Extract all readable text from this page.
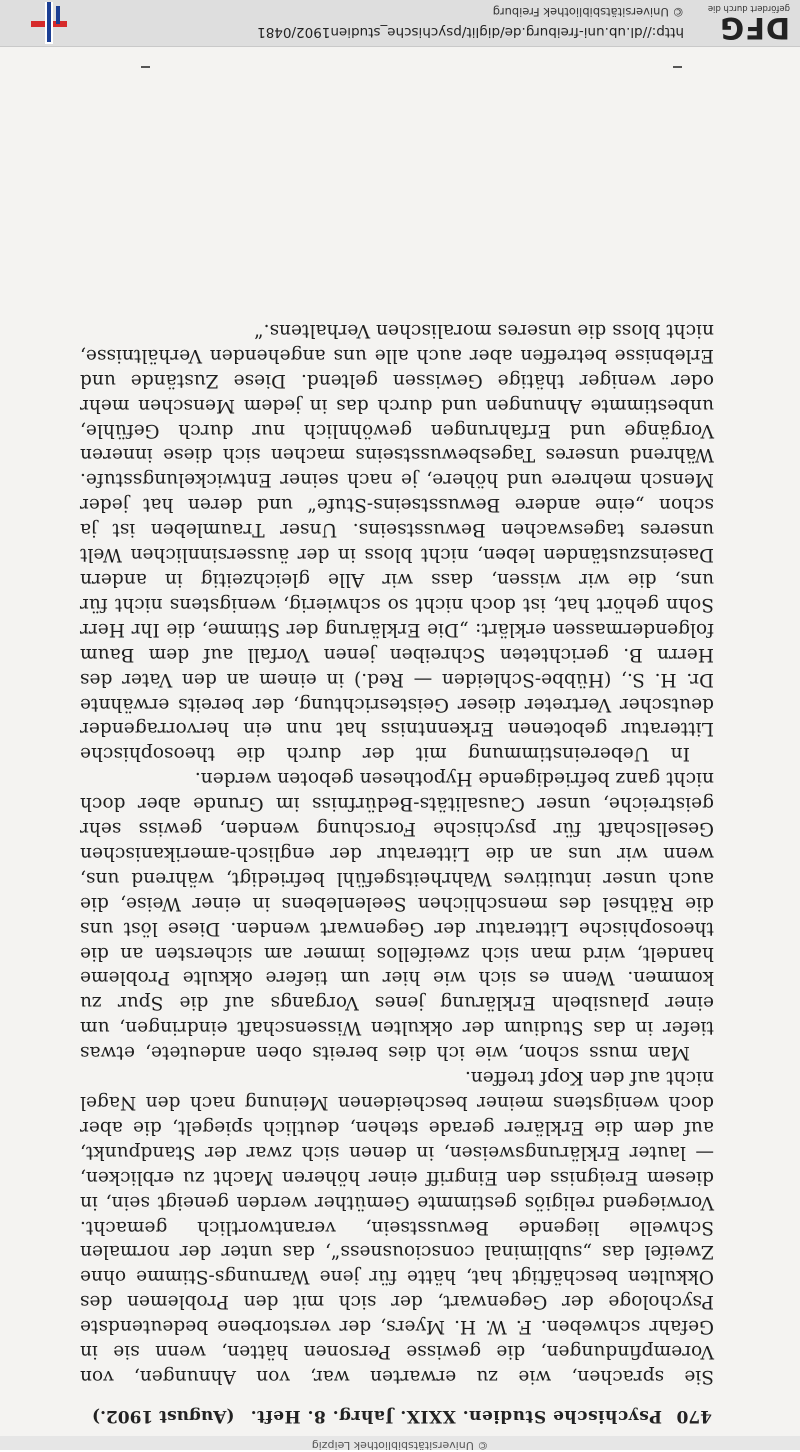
© Universitätsbibliothek Leipzig
470
Psychische Studien. XXIX. Jahrg. 8. Heft.
(August 1902.)

Sie sprachen, wie zu erwarten war, von Ahnungen, von Vorempfindungen, die gewisse Personen hätten, wenn sie in Gefahr schweben. F. W. H. Myers, der verstorbene bedeutendste Psychologe der Gegenwart, der sich mit den Problemen des Okkulten beschäftigt hat, hätte für jene Warnungs-Stimme ohne Zweifel das „subliminal consciousness“, das unter der normalen Schwelle liegende Bewusstsein, verantwortlich gemacht. Vorwiegend religiös gestimmte Gemüther werden geneigt sein, in diesem Ereigniss den Eingriff einer höheren Macht zu erblicken, — lauter Erklärungsweisen, in denen sich zwar der Standpunkt, auf dem die Erklärer gerade stehen, deutlich spiegelt, die aber doch wenigstens meiner bescheidenen Meinung nach den Nagel nicht auf den Kopf treffen.

Man muss schon, wie ich dies bereits oben andeutete, etwas tiefer in das Studium der okkulten Wissenschaft eindringen, um einer plausibeln Erklärung jenes Vorgangs auf die Spur zu kommen. Wenn es sich wie hier um tiefere okkulte Probleme handelt, wird man sich zweifellos immer am sichersten an die theosophische Litteratur der Gegenwart wenden. Diese löst uns die Räthsel des menschlichen Seelenlebens in einer Weise, die auch unser intuitives Wahrheitsgefühl befriedigt, während uns, wenn wir uns an die Litteratur der englisch-amerikanischen Gesellschaft für psychische Forschung wenden, gewiss sehr geistreiche, unser Causalitäts-Bedürfniss im Grunde aber doch nicht ganz befriedigende Hypothesen geboten werden.

In Uebereinstimmung mit der durch die theosophische Litteratur gebotenen Erkenntniss hat nun ein hervorragender deutscher Vertreter dieser Geistesrichtung, der bereits erwähnte Dr. H. S., (Hübbe-Schleiden — Red.) in einem an den Vater des Herrn B. gerichteten Schreiben jenen Vorfall auf dem Baum folgendermassen erklärt: „Die Erklärung der Stimme, die Ihr Herr Sohn gehört hat, ist doch nicht so schwierig, wenigstens nicht für uns, die wir wissen, dass wir Alle gleichzeitig in andern Daseinszuständen leben, nicht bloss in der äussersinnlichen Welt unseres tageswachen Bewusstseins. Unser Traumleben ist ja schon „eine andere Bewusstseins-Stufe“ und deren hat jeder Mensch mehrere und höhere, je nach seiner Entwickelungsstufe. Während unseres Tagesbewusstseins machen sich diese inneren Vorgänge und Erfahrungen gewöhnlich nur durch Gefühle, unbestimmte Ahnungen und durch das in jedem Menschen mehr oder weniger thätige Gewissen geltend. Diese Zustände und Erlebnisse betreffen aber auch alle uns angehenden Verhältnisse, nicht bloss die unseres moralischen Verhaltens.“

DFG
gefördert durch die
http://dl.ub.uni-freiburg.de/diglit/psychische_studien1902/0481
© Universitätsbibliothek Freiburg
